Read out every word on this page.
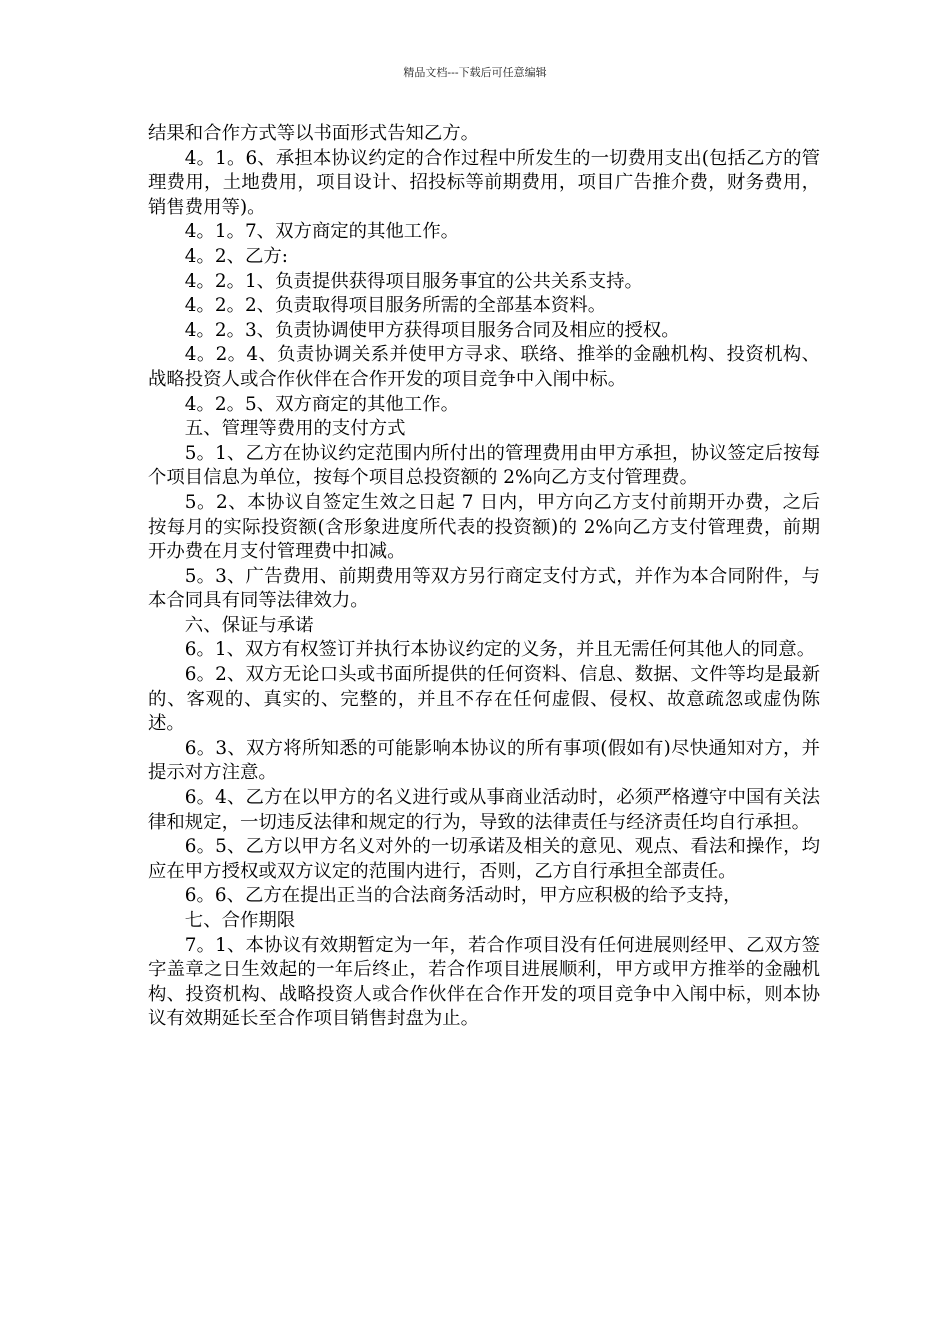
精品文档---下载后可任意编辑

结果和合作方式等以书面形式告知乙方。

4。1。6、承担本协议约定的合作过程中所发生的一切费用支出(包括乙方的管理费用，土地费用，项目设计、招投标等前期费用，项目广告推介费，财务费用，销售费用等)。

4。1。7、双方商定的其他工作。

4。2、乙方:

4。2。1、负责提供获得项目服务事宜的公共关系支持。

4。2。2、负责取得项目服务所需的全部基本资料。

4。2。3、负责协调使甲方获得项目服务合同及相应的授权。

4。2。4、负责协调关系并使甲方寻求、联络、推举的金融机构、投资机构、战略投资人或合作伙伴在合作开发的项目竞争中入闱中标。

4。2。5、双方商定的其他工作。

五、管理等费用的支付方式

5。1、乙方在协议约定范围内所付出的管理费用由甲方承担，协议签定后按每个项目信息为单位，按每个项目总投资额的 2%向乙方支付管理费。

5。2、本协议自签定生效之日起 7 日内，甲方向乙方支付前期开办费，之后按每月的实际投资额(含形象进度所代表的投资额)的 2%向乙方支付管理费，前期开办费在月支付管理费中扣减。

5。3、广告费用、前期费用等双方另行商定支付方式，并作为本合同附件，与本合同具有同等法律效力。

六、保证与承诺

6。1、双方有权签订并执行本协议约定的义务，并且无需任何其他人的同意。

6。2、双方无论口头或书面所提供的任何资料、信息、数据、文件等均是最新的、客观的、真实的、完整的，并且不存在任何虚假、侵权、故意疏忽或虚伪陈述。

6。3、双方将所知悉的可能影响本协议的所有事项(假如有)尽快通知对方，并提示对方注意。

6。4、乙方在以甲方的名义进行或从事商业活动时，必须严格遵守中国有关法律和规定，一切违反法律和规定的行为，导致的法律责任与经济责任均自行承担。

6。5、乙方以甲方名义对外的一切承诺及相关的意见、观点、看法和操作，均应在甲方授权或双方议定的范围内进行，否则，乙方自行承担全部责任。

6。6、乙方在提出正当的合法商务活动时，甲方应积极的给予支持，

七、合作期限

7。1、本协议有效期暂定为一年，若合作项目没有任何进展则经甲、乙双方签字盖章之日生效起的一年后终止，若合作项目进展顺利，甲方或甲方推举的金融机构、投资机构、战略投资人或合作伙伴在合作开发的项目竞争中入闱中标，则本协议有效期延长至合作项目销售封盘为止。
